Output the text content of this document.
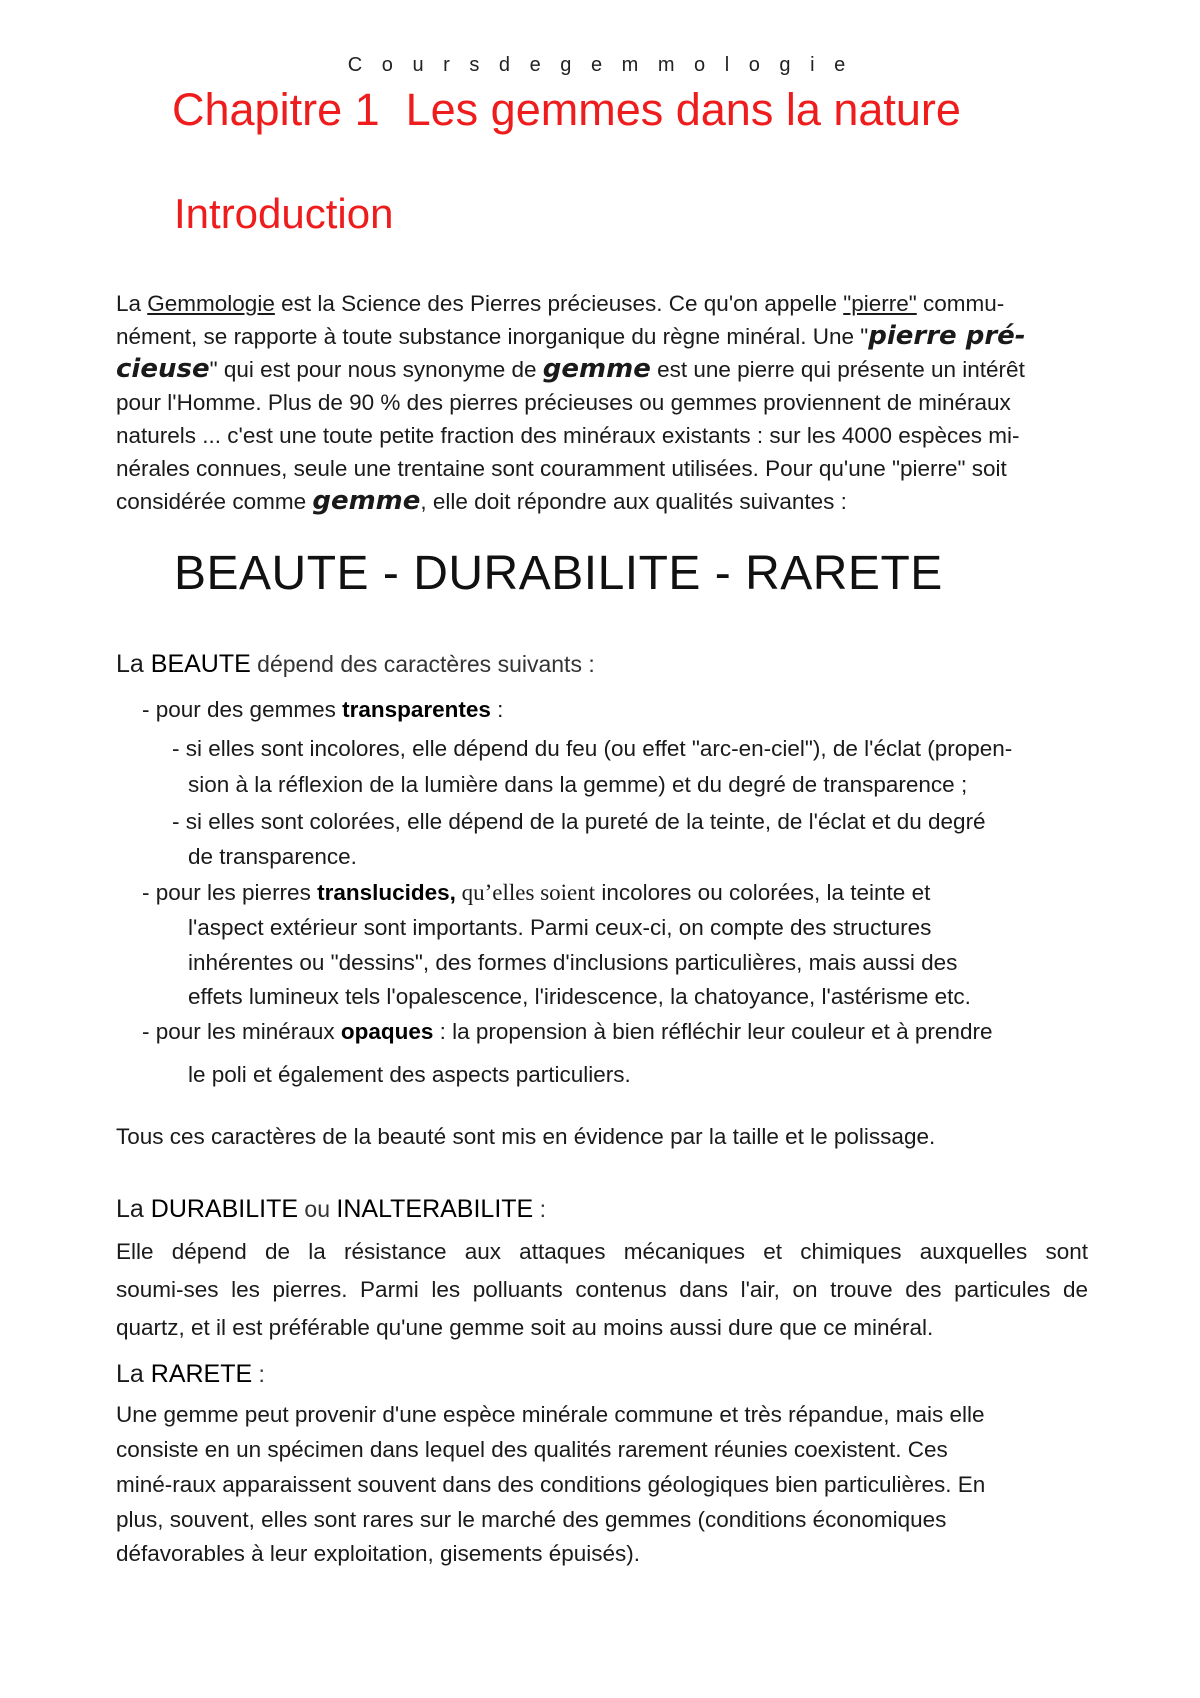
C o u r s d e g e m m o l o g i e
Chapitre 1 Les gemmes dans la nature
Introduction

La Gemmologie est la Science des Pierres précieuses. Ce qu'on appelle "pierre" commu-
nément, se rapporte à toute substance inorganique du règne minéral. Une "pierre pré-
cieuse" qui est pour nous synonyme de gemme est une pierre qui présente un intérêt
pour l'Homme. Plus de 90 % des pierres précieuses ou gemmes proviennent de minéraux
naturels ... c'est une toute petite fraction des minéraux existants : sur les 4000 espèces mi-
nérales connues, seule une trentaine sont couramment utilisées. Pour qu'une "pierre" soit
considérée comme gemme, elle doit répondre aux qualités suivantes :

BEAUTE - DURABILITE - RARETE
La BEAUTE dépend des caractères suivants :
- pour des gemmes transparentes :
- si elles sont incolores, elle dépend du feu (ou effet "arc-en-ciel"), de l'éclat (propen-
sion à la réflexion de la lumière dans la gemme) et du degré de transparence ;
- si elles sont colorées, elle dépend de la pureté de la teinte, de l'éclat et du degré
de transparence.
- pour les pierres translucides, qu’elles soient incolores ou colorées, la teinte et
l'aspect extérieur sont importants. Parmi ceux-ci, on compte des structures
inhérentes ou "dessins", des formes d'inclusions particulières, mais aussi des
effets lumineux tels l'opalescence, l'iridescence, la chatoyance, l'astérisme etc.
- pour les minéraux opaques : la propension à bien réfléchir leur couleur et à prendre
le poli et également des aspects particuliers.
Tous ces caractères de la beauté sont mis en évidence par la taille et le polissage.
La DURABILITE ou INALTERABILITE :
Elle dépend de la résistance aux attaques mécaniques et chimiques auxquelles sont
soumi-ses les pierres. Parmi les polluants contenus dans l'air, on trouve des particules de
quartz, et il est préférable qu'une gemme soit au moins aussi dure que ce minéral.
La RARETE :
Une gemme peut provenir d'une espèce minérale commune et très répandue, mais elle
consiste en un spécimen dans lequel des qualités rarement réunies coexistent. Ces
miné-raux apparaissent souvent dans des conditions géologiques bien particulières. En
plus, souvent, elles sont rares sur le marché des gemmes (conditions économiques
défavorables à leur exploitation, gisements épuisés).
